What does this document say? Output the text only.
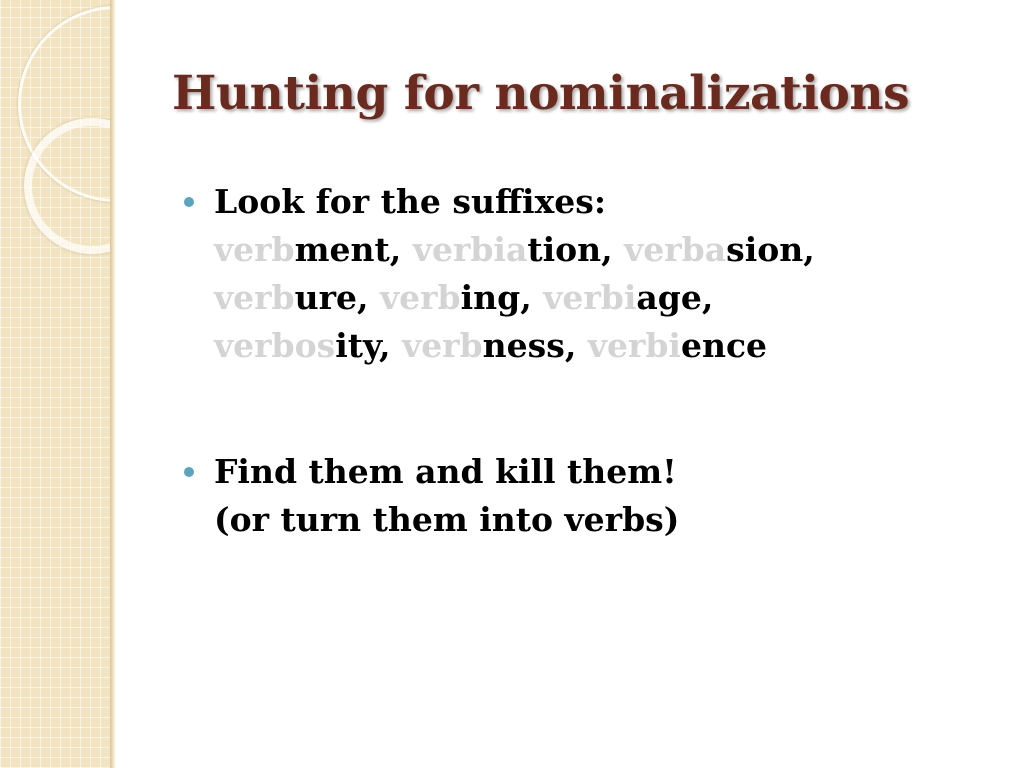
Hunting for nominalizations
Look for the suffixes:
verbment, verbiation, verbasion,
verbure, verbing, verbiage,
verbosity, verbness, verbience
Find them and kill them!
(or turn them into verbs)
